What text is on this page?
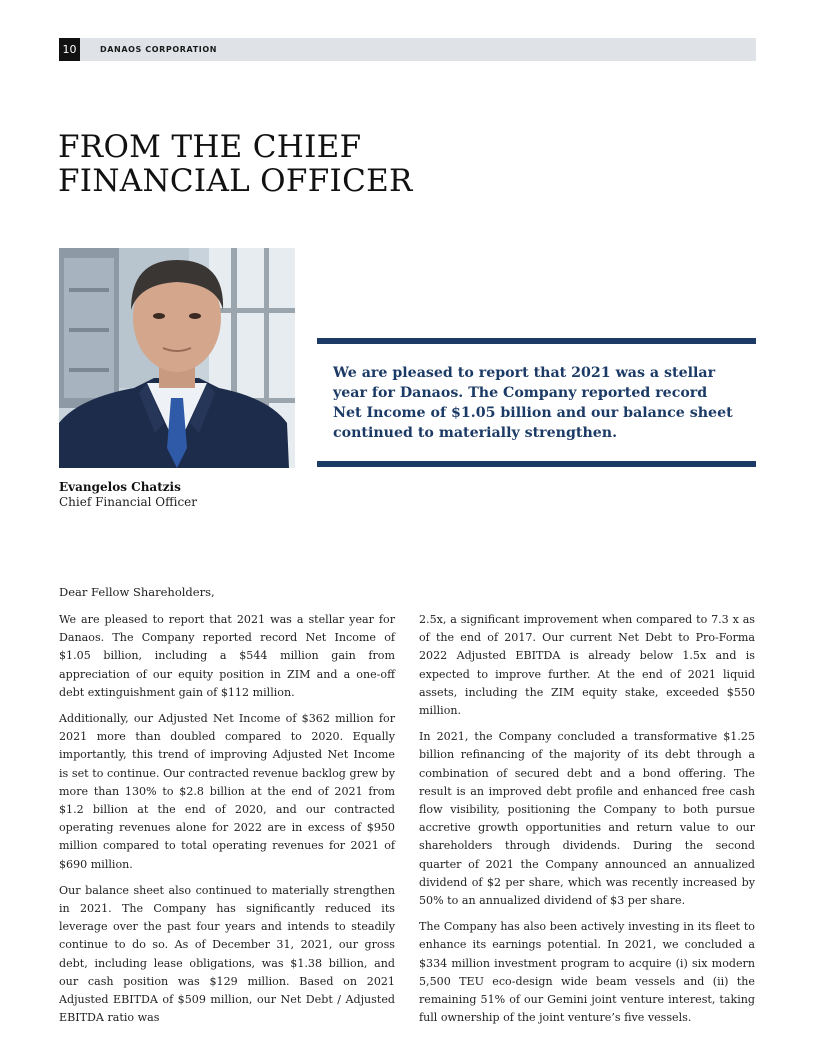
10	DANAOS CORPORATION
FROM THE CHIEF
FINANCIAL OFFICER
We are pleased to report that 2021 was a stellar year for Danaos. The Company reported record Net Income of $1.05 billion and our balance sheet continued to materially strengthen.
Evangelos Chatzis
Chief Financial Officer
Dear Fellow Shareholders,

We are pleased to report that 2021 was a stellar year for Danaos. The Company reported record Net Income of $1.05 billion, including a $544 million gain from appreciation of our equity position in ZIM and a one-off debt extinguishment gain of $112 million.

Additionally, our Adjusted Net Income of $362 million for 2021 more than doubled compared to 2020. Equally importantly, this trend of improving Adjusted Net Income is set to continue. Our contracted revenue backlog grew by more than 130% to $2.8 billion at the end of 2021 from $1.2 billion at the end of 2020, and our contracted operating revenues alone for 2022 are in excess of $950 million compared to total operating revenues for 2021 of $690 million.

Our balance sheet also continued to materially strengthen in 2021. The Company has significantly reduced its leverage over the past four years and intends to steadily continue to do so. As of December 31, 2021, our gross debt, including lease obligations, was $1.38 billion, and our cash position was $129 million. Based on 2021 Adjusted EBITDA of $509 million, our Net Debt / Adjusted EBITDA ratio was

2.5x, a significant improvement when compared to 7.3 x as of the end of 2017. Our current Net Debt to Pro-Forma 2022 Adjusted EBITDA is already below 1.5x and is expected to improve further. At the end of 2021 liquid assets, including the ZIM equity stake, exceeded $550 million.

In 2021, the Company concluded a transformative $1.25 billion refinancing of the majority of its debt through a combination of secured debt and a bond offering. The result is an improved debt profile and enhanced free cash flow visibility, positioning the Company to both pursue accretive growth opportunities and return value to our shareholders through dividends. During the second quarter of 2021 the Company announced an annualized dividend of $2 per share, which was recently increased by 50% to an annualized dividend of $3 per share.

The Company has also been actively investing in its fleet to enhance its earnings potential. In 2021, we concluded a $334 million investment program to acquire (i) six modern 5,500 TEU eco-design wide beam vessels and (ii) the remaining 51% of our Gemini joint venture interest, taking full ownership of the joint venture’s five vessels.
